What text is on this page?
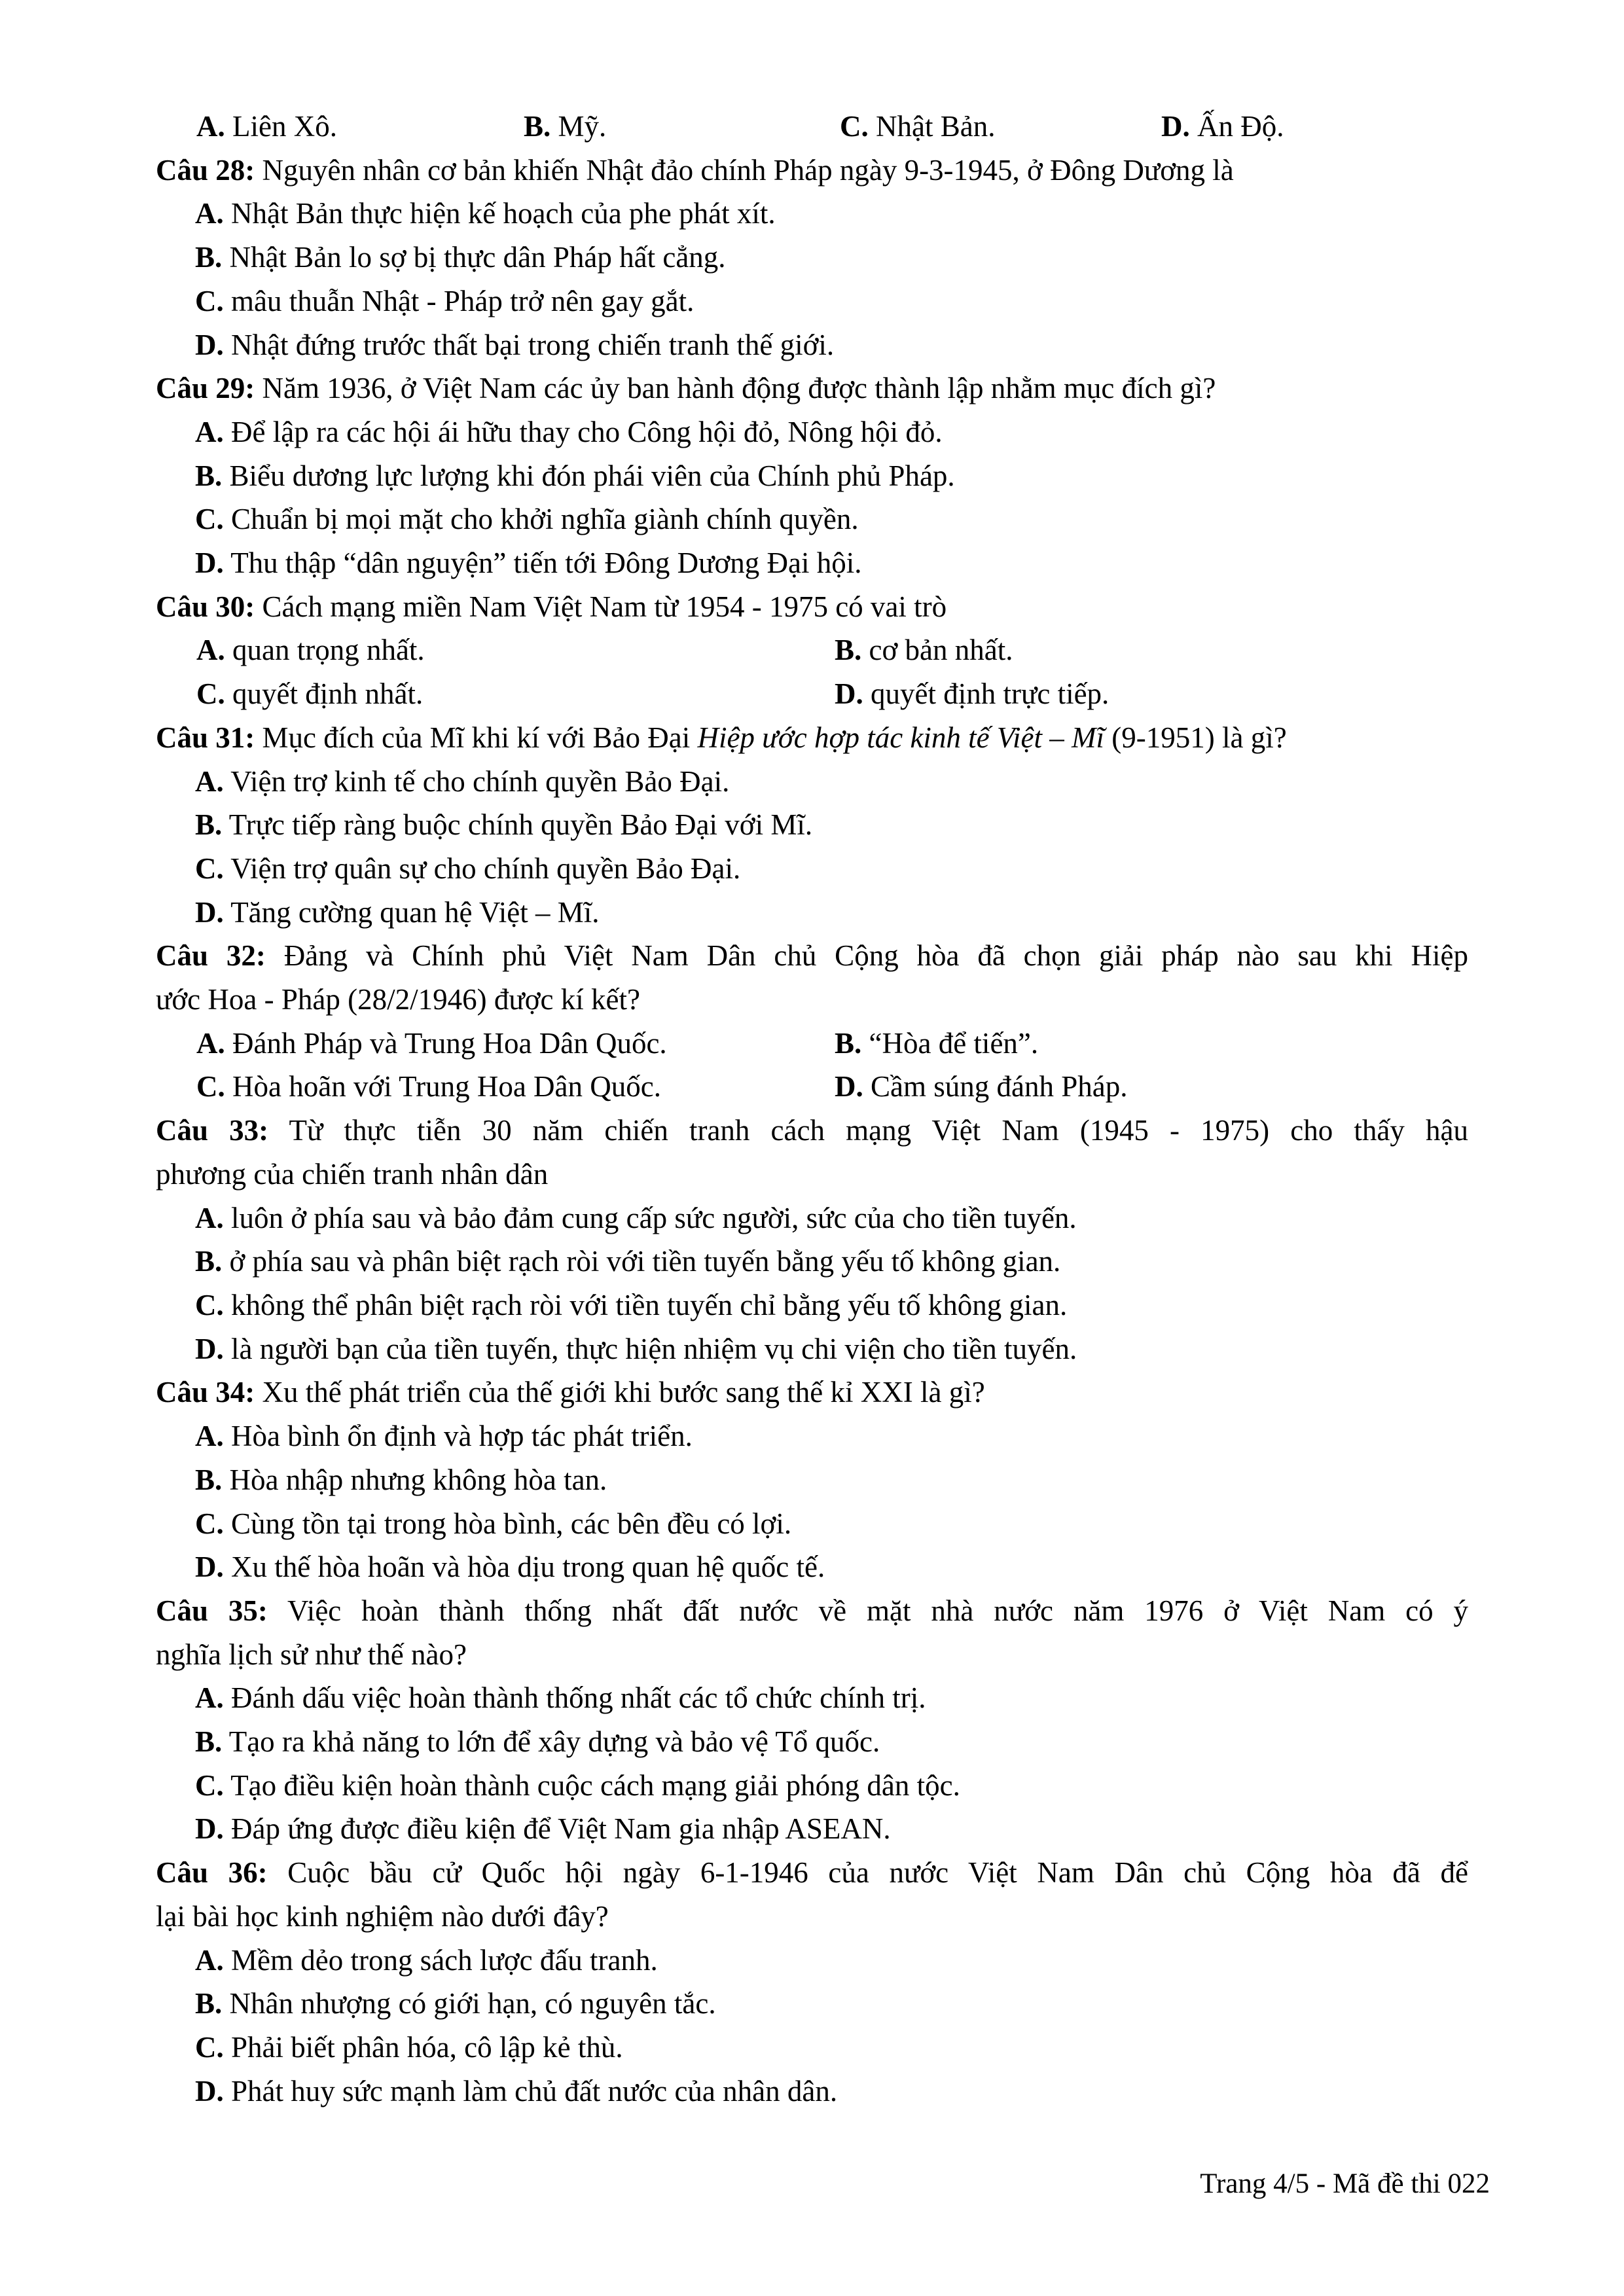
A. Liên Xô.	B. Mỹ.	C. Nhật Bản.	D. Ấn Độ.

Câu 28: Nguyên nhân cơ bản khiến Nhật đảo chính Pháp ngày 9-3-1945, ở Đông Dương là

A. Nhật Bản thực hiện kế hoạch của phe phát xít.

B. Nhật Bản lo sợ bị thực dân Pháp hất cẳng.

C. mâu thuẫn Nhật - Pháp trở nên gay gắt.

D. Nhật đứng trước thất bại trong chiến tranh thế giới.

Câu 29: Năm 1936, ở Việt Nam các ủy ban hành động được thành lập nhằm mục đích gì?

A. Để lập ra các hội ái hữu thay cho Công hội đỏ, Nông hội đỏ.

B. Biểu dương lực lượng khi đón phái viên của Chính phủ Pháp.

C. Chuẩn bị mọi mặt cho khởi nghĩa giành chính quyền.

D. Thu thập “dân nguyện” tiến tới Đông Dương Đại hội.

Câu 30: Cách mạng miền Nam Việt Nam từ 1954 - 1975 có vai trò

A. quan trọng nhất.	B. cơ bản nhất.

C. quyết định nhất.	D. quyết định trực tiếp.

Câu 31: Mục đích của Mĩ khi kí với Bảo Đại Hiệp ước hợp tác kinh tế Việt – Mĩ (9-1951) là gì?

A. Viện trợ kinh tế cho chính quyền Bảo Đại.

B. Trực tiếp ràng buộc chính quyền Bảo Đại với Mĩ.

C. Viện trợ quân sự cho chính quyền Bảo Đại.

D. Tăng cường quan hệ Việt – Mĩ.

Câu 32: Đảng và Chính phủ Việt Nam Dân chủ Cộng hòa đã chọn giải pháp nào sau khi Hiệp

ước Hoa - Pháp (28/2/1946) được kí kết?

A. Đánh Pháp và Trung Hoa Dân Quốc.	B. “Hòa để tiến”.

C. Hòa hoãn với Trung Hoa Dân Quốc.	D. Cầm súng đánh Pháp.

Câu 33: Từ thực tiễn 30 năm chiến tranh cách mạng Việt Nam (1945 - 1975) cho thấy hậu

phương của chiến tranh nhân dân

A. luôn ở phía sau và bảo đảm cung cấp sức người, sức của cho tiền tuyến.

B. ở phía sau và phân biệt rạch ròi với tiền tuyến bằng yếu tố không gian.

C. không thể phân biệt rạch ròi với tiền tuyến chỉ bằng yếu tố không gian.

D. là người bạn của tiền tuyến, thực hiện nhiệm vụ chi viện cho tiền tuyến.

Câu 34: Xu thế phát triển của thế giới khi bước sang thế kỉ XXI là gì?

A. Hòa bình ổn định và hợp tác phát triển.

B. Hòa nhập nhưng không hòa tan.

C. Cùng tồn tại trong hòa bình, các bên đều có lợi.

D. Xu thế hòa hoãn và hòa dịu trong quan hệ quốc tế.

Câu 35: Việc hoàn thành thống nhất đất nước về mặt nhà nước năm 1976 ở Việt Nam có ý

nghĩa lịch sử như thế nào?

A. Đánh dấu việc hoàn thành thống nhất các tổ chức chính trị.

B. Tạo ra khả năng to lớn để xây dựng và bảo vệ Tổ quốc.

C. Tạo điều kiện hoàn thành cuộc cách mạng giải phóng dân tộc.

D. Đáp ứng được điều kiện để Việt Nam gia nhập ASEAN.

Câu 36: Cuộc bầu cử Quốc hội ngày 6-1-1946 của nước Việt Nam Dân chủ Cộng hòa đã để

lại bài học kinh nghiệm nào dưới đây?

A. Mềm dẻo trong sách lược đấu tranh.

B. Nhân nhượng có giới hạn, có nguyên tắc.

C. Phải biết phân hóa, cô lập kẻ thù.

D. Phát huy sức mạnh làm chủ đất nước của nhân dân.

Trang 4/5 - Mã đề thi 022
